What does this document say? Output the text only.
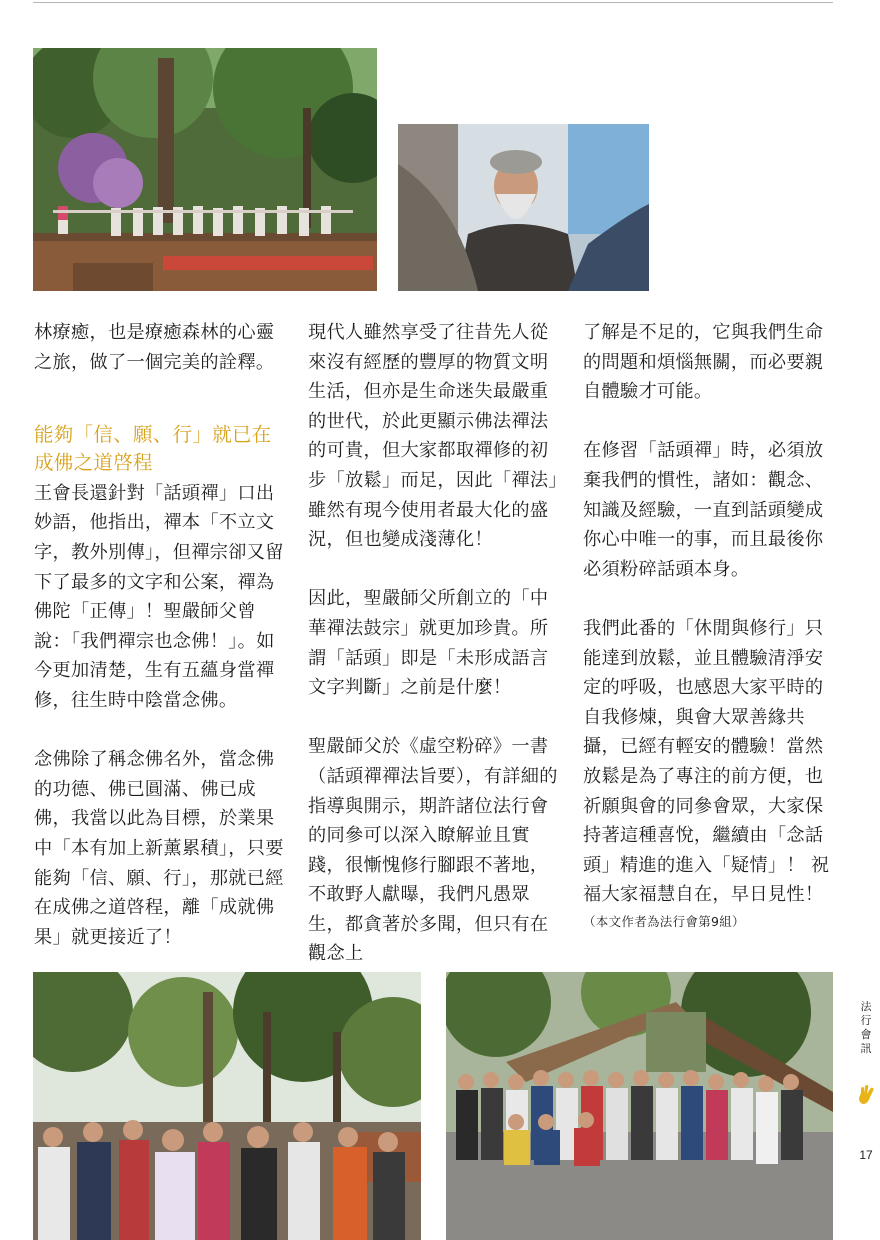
林療癒，也是療癒森林的心靈之旅，做了一個完美的詮釋。

能夠「信、願、行」就已在成佛之道啓程

王會長還針對「話頭禪」口出妙語，他指出，禪本「不立文字，教外別傳」，但禪宗卻又留下了最多的文字和公案，禪為佛陀「正傳」！聖嚴師父曾說：「我們禪宗也念佛！」。如今更加清楚，生有五蘊身當禪修，往生時中陰當念佛。

念佛除了稱念佛名外，當念佛的功德、佛已圓滿、佛已成佛，我當以此為目標，於業果中「本有加上新薰累積」，只要能夠「信、願、行」，那就已經在成佛之道啓程，離「成就佛果」就更接近了！

現代人雖然享受了往昔先人從來沒有經歷的豐厚的物質文明生活，但亦是生命迷失最嚴重的世代，於此更顯示佛法禪法的可貴，但大家都取禪修的初步「放鬆」而足，因此「禪法」雖然有現今使用者最大化的盛況，但也變成淺薄化！

因此，聖嚴師父所創立的「中華禪法鼓宗」就更加珍貴。所謂「話頭」即是「未形成語言文字判斷」之前是什麼！

聖嚴師父於《虛空粉碎》一書（話頭禪禪法旨要），有詳細的指導與開示，期許諸位法行會的同參可以深入瞭解並且實踐，很慚愧修行腳跟不著地，不敢野人獻曝，我們凡愚眾生，都貪著於多聞，但只有在觀念上

了解是不足的，它與我們生命的問題和煩惱無關，而必要親自體驗才可能。

在修習「話頭禪」時，必須放棄我們的慣性，諸如：觀念、知識及經驗，一直到話頭變成你心中唯一的事，而且最後你必須粉碎話頭本身。

我們此番的「休閒與修行」只能達到放鬆，並且體驗清淨安定的呼吸，也感恩大家平時的自我修煉，與會大眾善緣共攝，已經有輕安的體驗！當然放鬆是為了專注的前方便，也祈願與會的同參會眾，大家保持著這種喜悅，繼續由「念話頭」精進的進入「疑情」！ 祝福大家福慧自在，早日見性！

（本文作者為法行會第9組）

法
行
會
訊
17
